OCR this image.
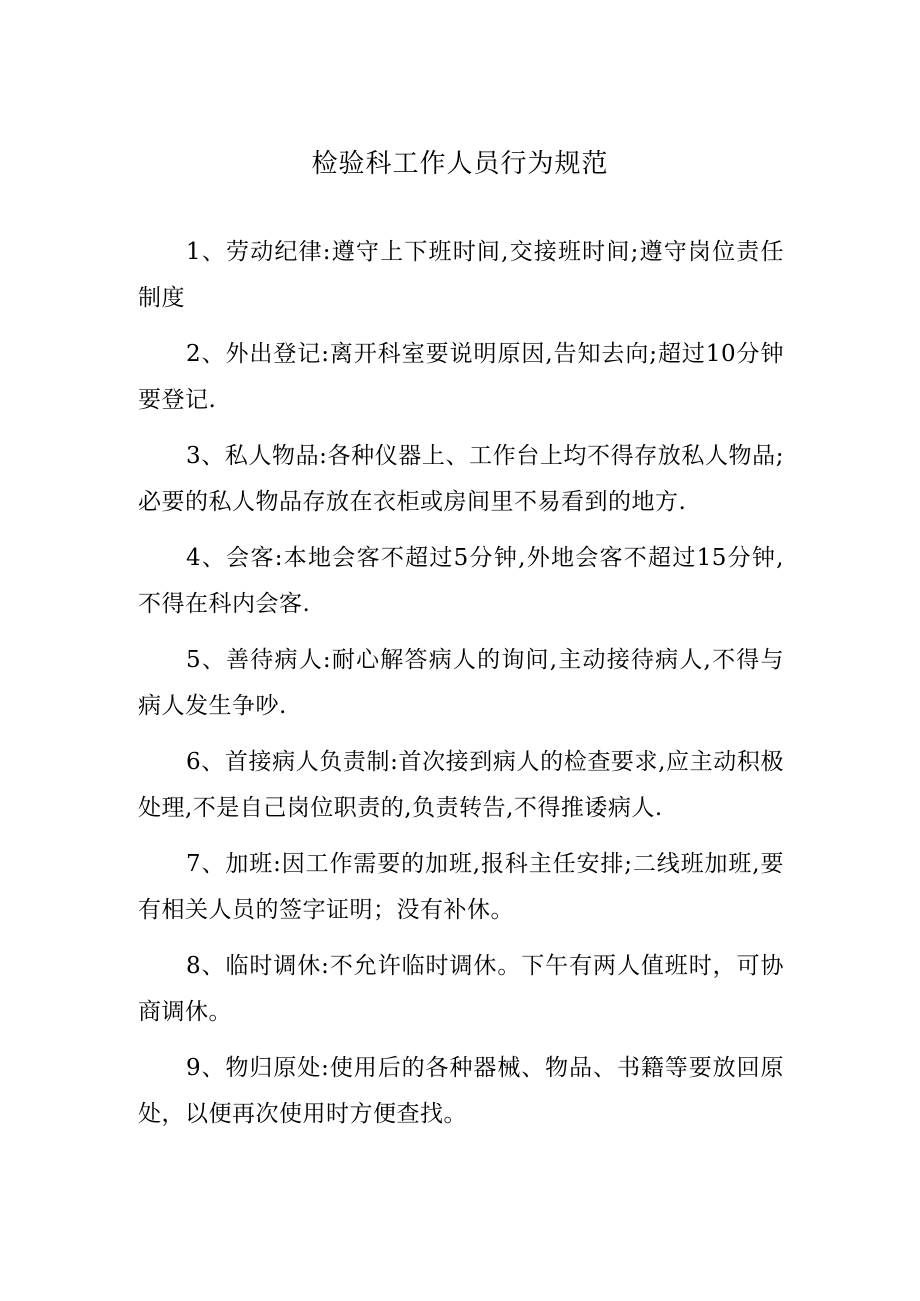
检验科工作人员行为规范

1、劳动纪律:遵守上下班时间,交接班时间;遵守岗位责任制度

2、外出登记:离开科室要说明原因,告知去向;超过10分钟要登记.

3、私人物品:各种仪器上、工作台上均不得存放私人物品;必要的私人物品存放在衣柜或房间里不易看到的地方.

4、会客:本地会客不超过5分钟,外地会客不超过15分钟,不得在科内会客.

5、善待病人:耐心解答病人的询问,主动接待病人,不得与病人发生争吵.

6、首接病人负责制:首次接到病人的检查要求,应主动积极处理,不是自己岗位职责的,负责转告,不得推诿病人.

7、加班:因工作需要的加班,报科主任安排;二线班加班,要有相关人员的签字证明；没有补休。

8、临时调休:不允许临时调休。下午有两人值班时，可协商调休。

9、物归原处:使用后的各种器械、物品、书籍等要放回原处，以便再次使用时方便查找。
